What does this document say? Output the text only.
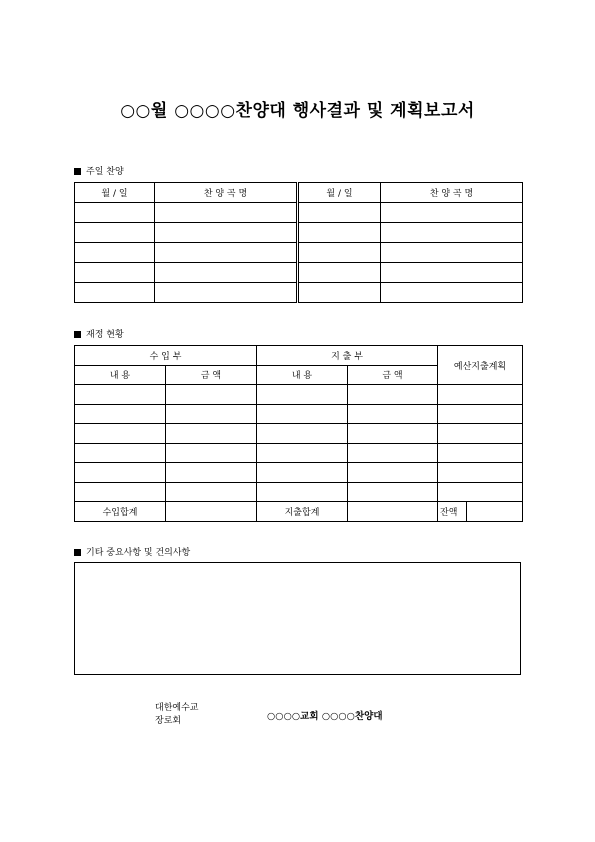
○○월 ○○○○찬양대 행사결과 및 계획보고서
주일 찬양
월 / 일	찬 양 곡 명	월 / 일	찬 양 곡 명

재정 현황
수 입 부		지 출 부		예산지출계획	
내 용	금 액	내 용	금 액		

수입합계		지출합계		잔액	
기타 중요사항 및 건의사항
대한예수교
장로회	○○○○교회 ○○○○찬양대
